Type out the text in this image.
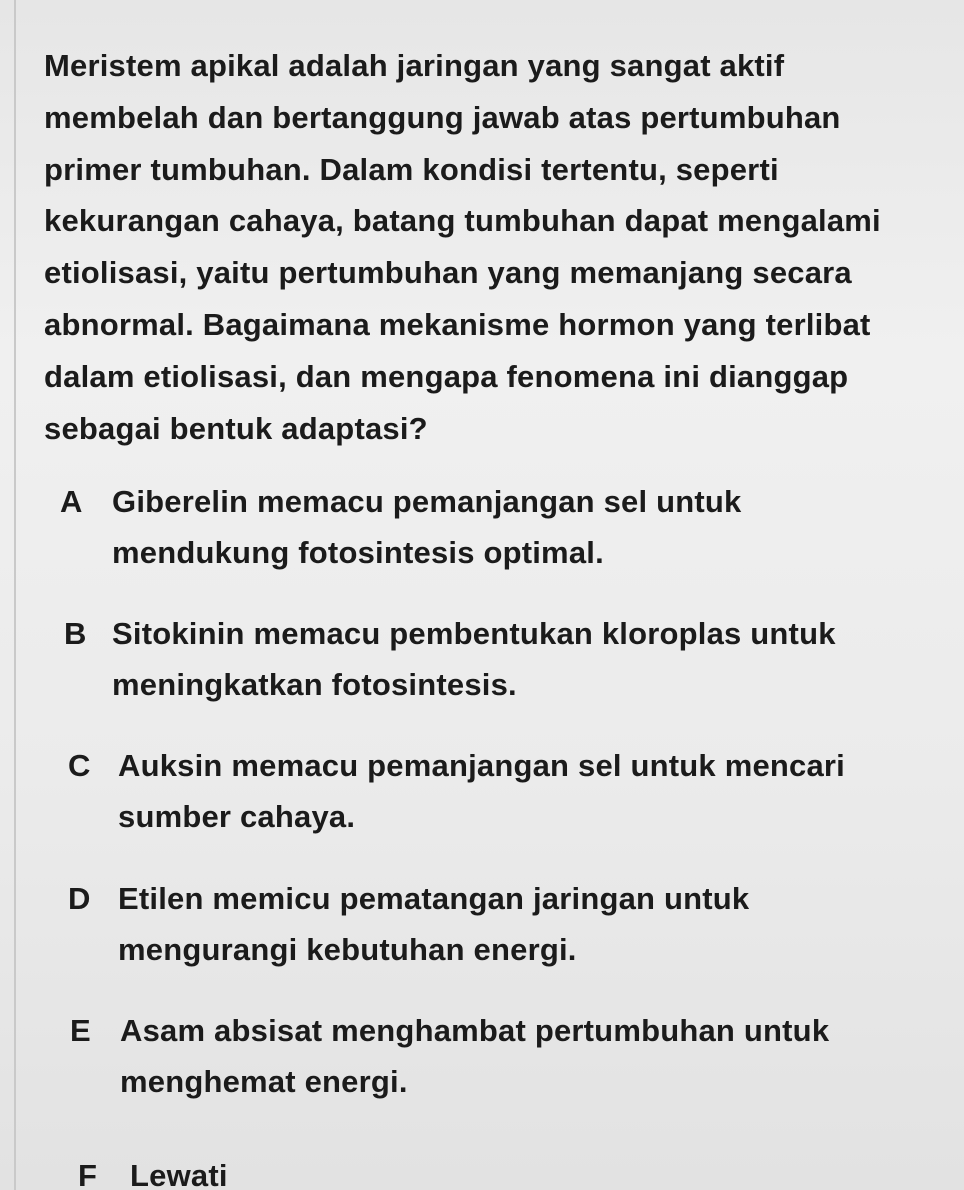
Meristem apikal adalah jaringan yang sangat aktif
membelah dan bertanggung jawab atas pertumbuhan
primer tumbuhan. Dalam kondisi tertentu, seperti
kekurangan cahaya, batang tumbuhan dapat mengalami
etiolisasi, yaitu pertumbuhan yang memanjang secara
abnormal. Bagaimana mekanisme hormon yang terlibat
dalam etiolisasi, dan mengapa fenomena ini dianggap
sebagai bentuk adaptasi?

A Giberelin memacu pemanjangan sel untuk
mendukung fotosintesis optimal.
B Sitokinin memacu pembentukan kloroplas untuk
meningkatkan fotosintesis.
C Auksin memacu pemanjangan sel untuk mencari
sumber cahaya.
D Etilen memicu pematangan jaringan untuk
mengurangi kebutuhan energi.
E Asam absisat menghambat pertumbuhan untuk
menghemat energi.
F Lewati
